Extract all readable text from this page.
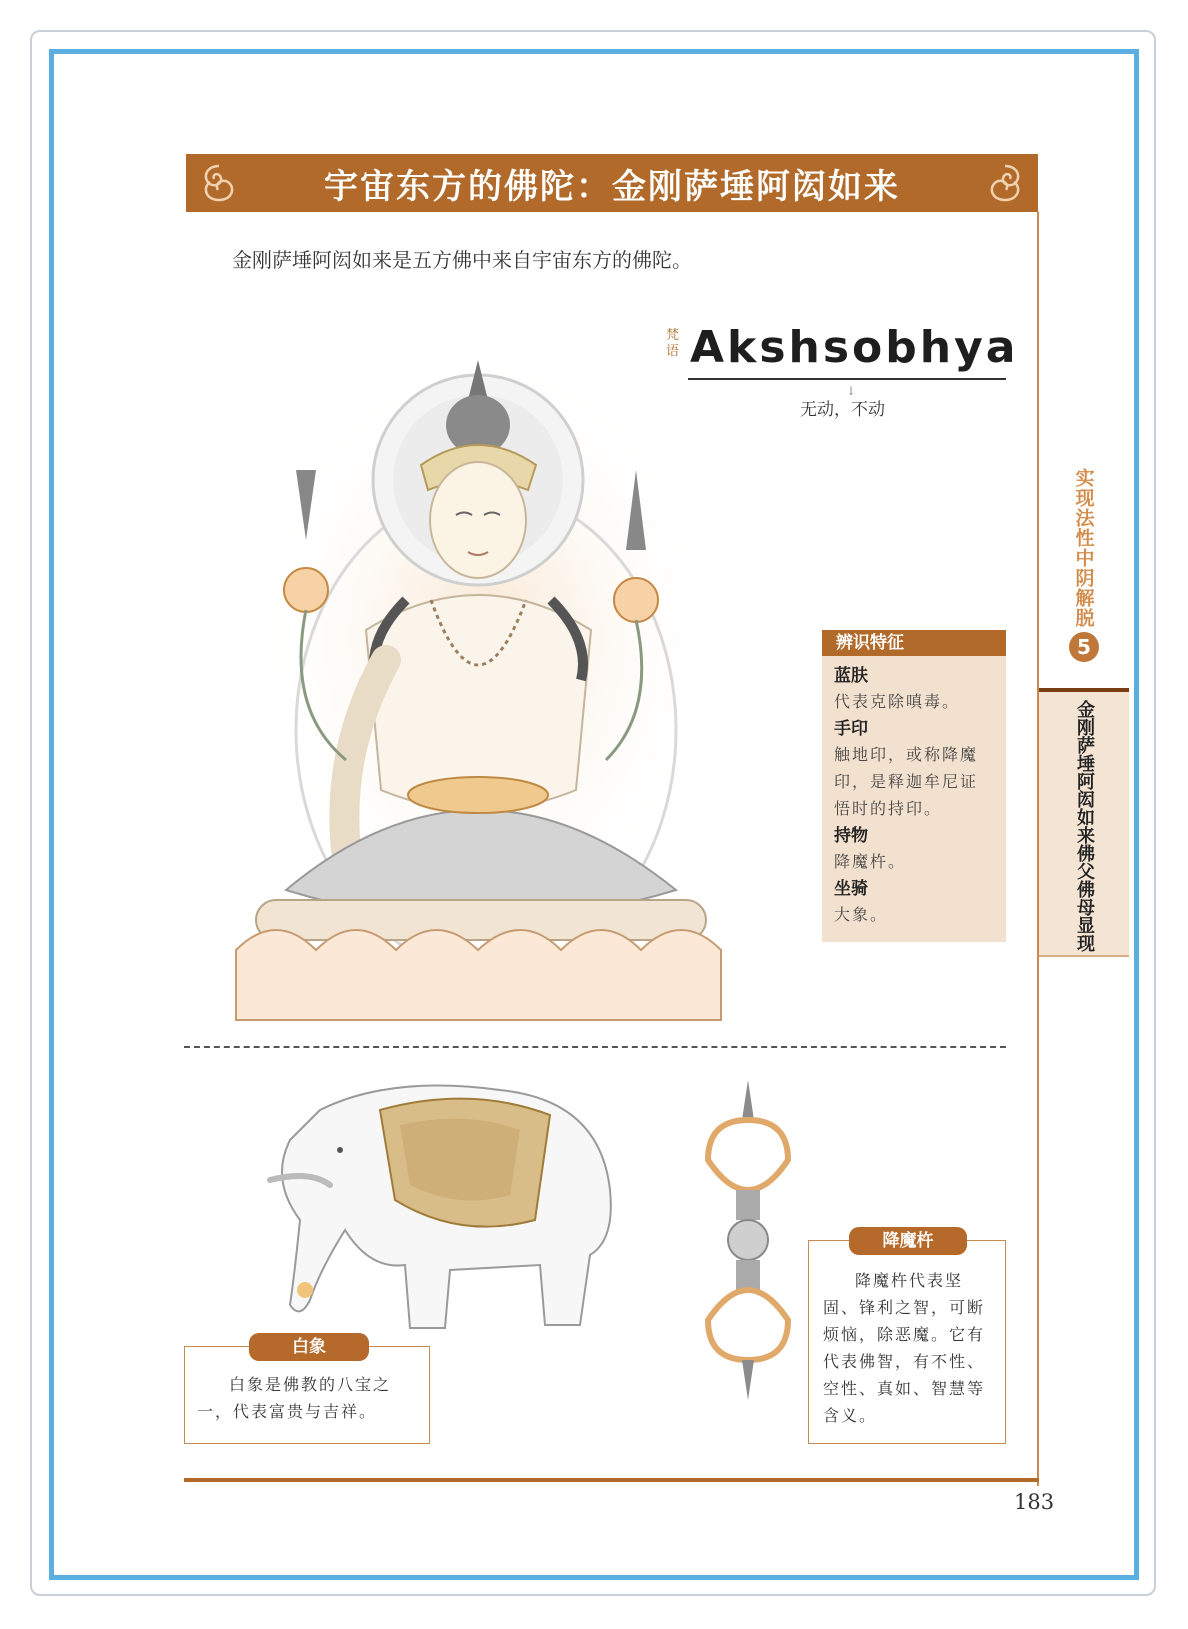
宇宙东方的佛陀：金刚萨埵阿闳如来
金刚萨埵阿闳如来是五方佛中来自宇宙东方的佛陀。
梵语 Akshsobhya
↓
无动，不动
辨识特征
蓝肤
代表克除嗔毒。
手印
触地印，或称降魔印，是释迦牟尼证悟时的持印。
持物
降魔杵。
坐骑
大象。
实现法性中阴解脱
5
金刚萨埵阿闳如来佛父佛母显现
白象
白象是佛教的八宝之一，代表富贵与吉祥。
降魔杵
降魔杵代表坚固、锋利之智，可断烦恼，除恶魔。它有代表佛智，有不性、空性、真如、智慧等含义。
183
